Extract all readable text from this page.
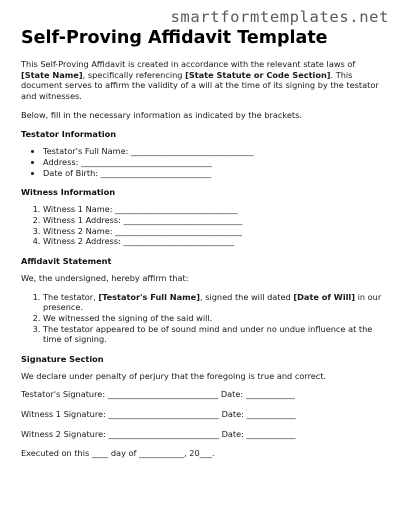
smartformtemplates.net
Self-Proving Affidavit Template

This Self-Proving Affidavit is created in accordance with the relevant state laws of [State Name], specifically referencing [State Statute or Code Section]. This document serves to affirm the validity of a will at the time of its signing by the testator and witnesses.

Below, fill in the necessary information as indicated by the brackets.

Testator Information
• Testator's Full Name: ______________________________
• Address: ________________________________
• Date of Birth: ___________________________
Witness Information
1. Witness 1 Name: ______________________________
2. Witness 1 Address: _____________________________
3. Witness 2 Name: _______________________________
4. Witness 2 Address: ___________________________
Affidavit Statement

We, the undersigned, hereby affirm that:

1. The testator, [Testator's Full Name], signed the will dated [Date of Will] in our presence.
2. We witnessed the signing of the said will.
3. The testator appeared to be of sound mind and under no undue influence at the time of signing.
Signature Section

We declare under penalty of perjury that the foregoing is true and correct.

Testator's Signature: ___________________________ Date: ____________
Witness 1 Signature: ___________________________ Date: ____________
Witness 2 Signature: ___________________________ Date: ____________
Executed on this ____ day of ___________, 20___.
